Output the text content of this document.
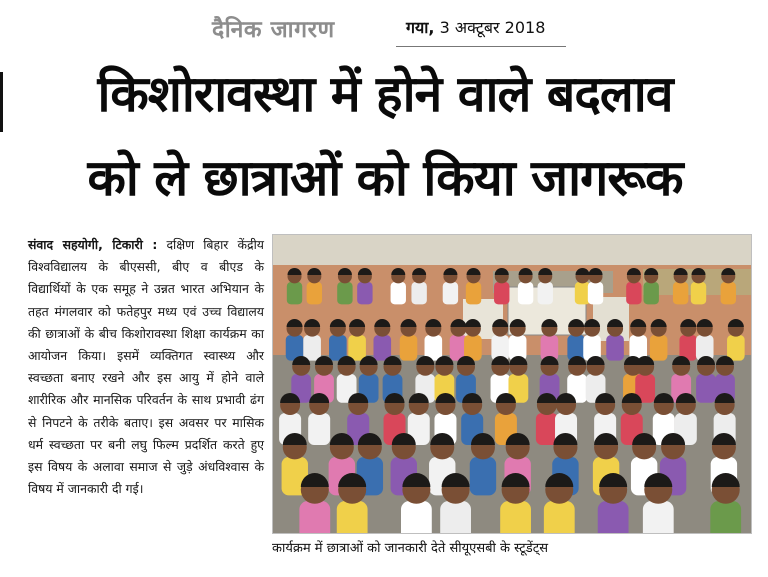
दैनिक जागरण	गया, 3 अक्टूबर 2018
किशोरावस्था में होने वाले बदलाव
को ले छात्राओं को किया जागरूक
संवाद सहयोगी, टिकारी : दक्षिण बिहार केंद्रीय विश्वविद्यालय के बीएससी, बीए व बीएड के विद्यार्थियों के एक समूह ने उन्नत भारत अभियान के तहत मंगलवार को फतेहपुर मध्य एवं उच्च विद्यालय की छात्राओं के बीच किशोरावस्था शिक्षा कार्यक्रम का आयोजन किया। इसमें व्यक्तिगत स्वास्थ्य और स्वच्छता बनाए रखने और इस आयु में होने वाले शारीरिक और मानसिक परिवर्तन के साथ प्रभावी ढंग से निपटने के तरीके बताए। इस अवसर पर मासिक धर्म स्वच्छता पर बनी लघु फिल्म प्रदर्शित करते हुए इस विषय के अलावा समाज से जुड़े अंधविश्वास के विषय में जानकारी दी गई।
कार्यक्रम में छात्राओं को जानकारी देते सीयूएसबी के स्टूडेंट्स
